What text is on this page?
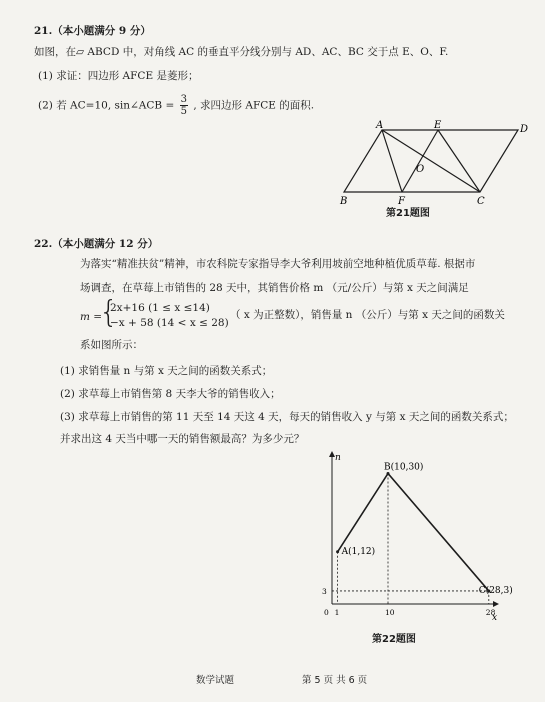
21.（本小题满分 9 分）
如图，在▱ ABCD 中，对角线 AC 的垂直平分线分别与 AD、AC、BC 交于点 E、O、F.
(1) 求证：四边形 AFCE 是菱形；
(2) 若 AC=10, sin∠ACB = $\frac{3}{5}$ , 求四边形 AFCE 的面积.
A	E	D
O
B	F	C
第21题图
22.（本小题满分 12 分）
为落实“精准扶贫”精神，市农科院专家指导李大爷利用坡前空地种植优质草莓. 根据市
场调查，在草莓上市销售的 28 天中，其销售价格 m （元/公斤）与第 x 天之间满足
m =
{
2x+16 (1 ≤ x ≤14)
−x + 58 (14 < x ≤ 28)
（ x 为正整数），销售量 n （公斤）与第 x 天之间的函数关
系如图所示：
(1) 求销售量 n 与第 x 天之间的函数关系式；
(2) 求草莓上市销售第 8 天李大爷的销售收入；
(3) 求草莓上市销售的第 11 天至 14 天这 4 天，每天的销售收入 y 与第 x 天之间的函数关系式；
并求出这 4 天当中哪一天的销售额最高？为多少元？
x
n
A(1,12)
B(10,30)
C(28,3)
0 1	10	28
3
第22题图
数学试题	第 5 页 共 6 页
